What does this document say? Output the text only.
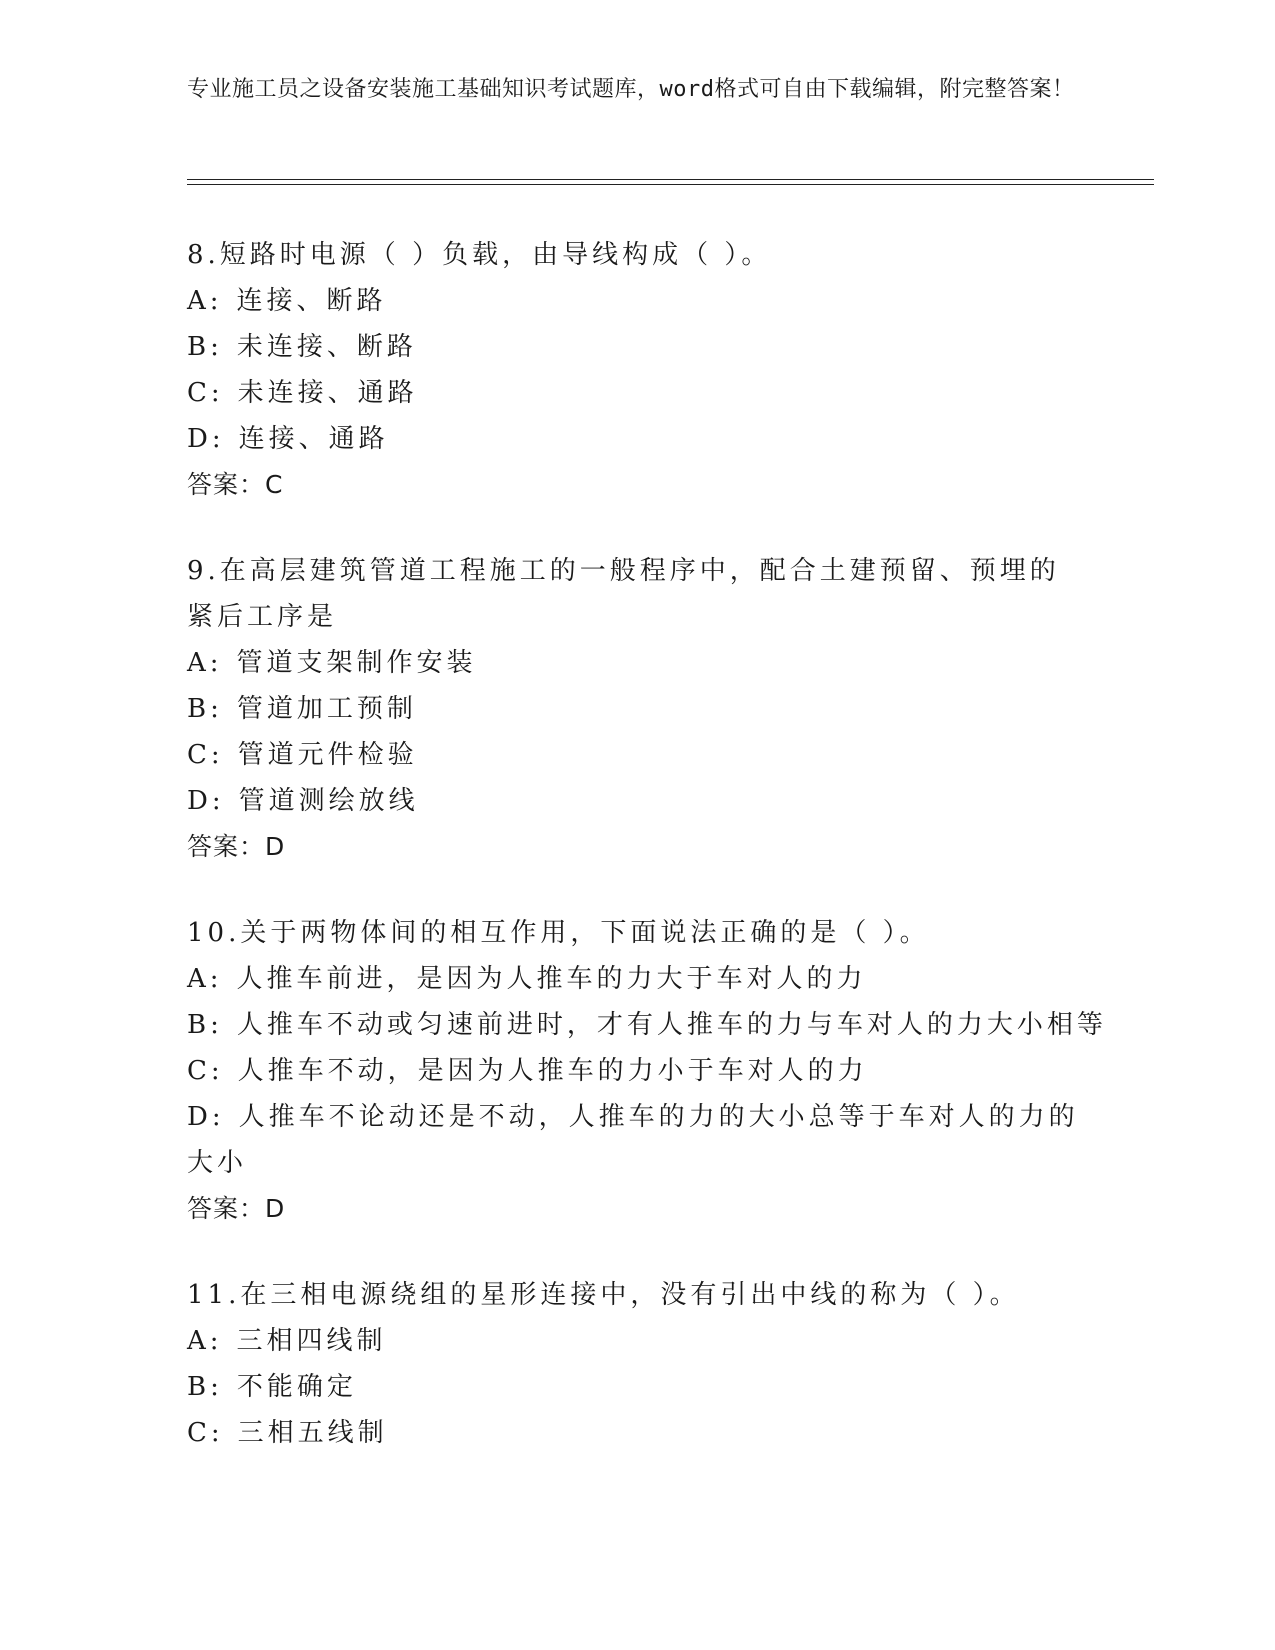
专业施工员之设备安装施工基础知识考试题库，word格式可自由下载编辑，附完整答案！
8.短路时电源（ ）负载，由导线构成（ ）。
A: 连接、断路
B: 未连接、断路
C: 未连接、通路
D: 连接、通路
答案：C
9.在高层建筑管道工程施工的一般程序中，配合土建预留、预埋的紧后工序是
A: 管道支架制作安装
B: 管道加工预制
C: 管道元件检验
D: 管道测绘放线
答案：D
10.关于两物体间的相互作用，下面说法正确的是（ ）。
A: 人推车前进，是因为人推车的力大于车对人的力
B: 人推车不动或匀速前进时，才有人推车的力与车对人的力大小相等
C: 人推车不动，是因为人推车的力小于车对人的力
D: 人推车不论动还是不动，人推车的力的大小总等于车对人的力的大小
答案：D
11.在三相电源绕组的星形连接中，没有引出中线的称为（ ）。
A: 三相四线制
B: 不能确定
C: 三相五线制
